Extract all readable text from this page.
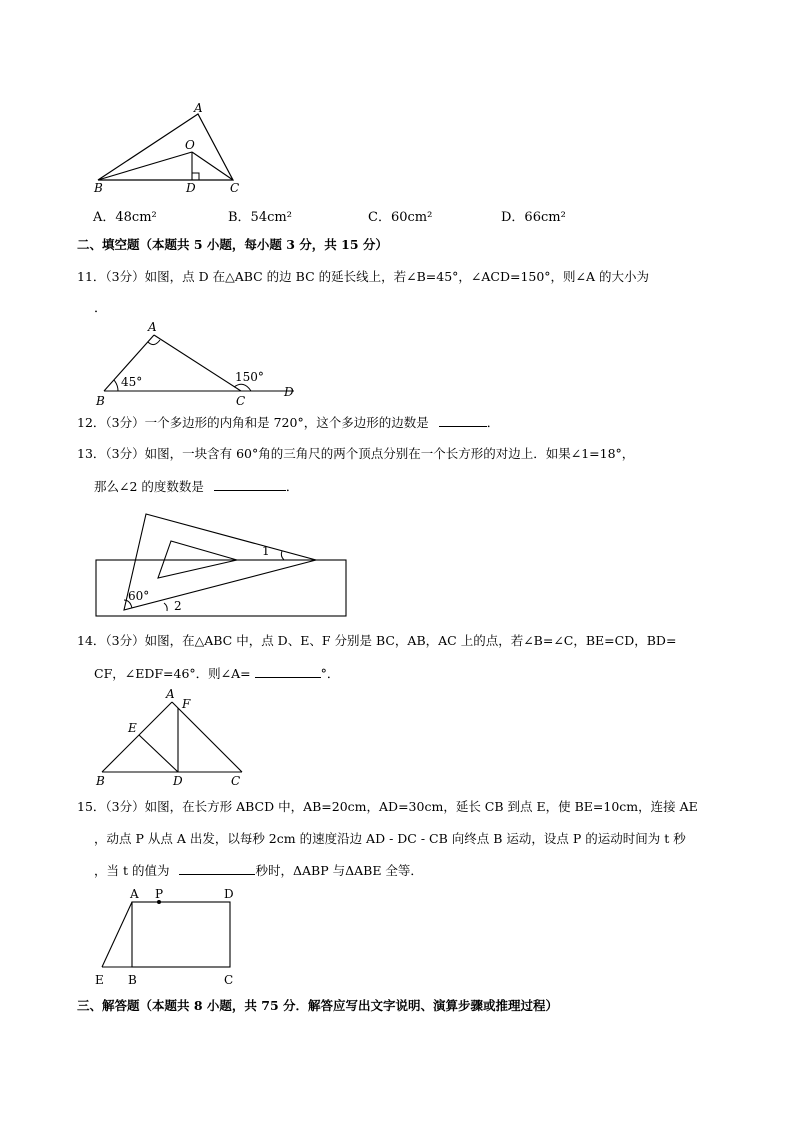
A
O
B	D	C
A．48cm²	B．54cm²	C．60cm²	D．66cm²
二、填空题（本题共 5 小题，每小题 3 分，共 15 分）
11．（3分）如图，点 D 在△ABC 的边 BC 的延长线上，若∠B=45°，∠ACD=150°，则∠A 的大小为
．
A
B	C
D
45°	150°
12．（3分）一个多边形的内角和是 720°，这个多边形的边数是	．
13．（3分）如图，一块含有 60°角的三角尺的两个顶点分别在一个长方形的对边上．如果∠1=18°，
那么∠2 的度数数是	．
1
60°
2
14．（3分）如图，在△ABC 中，点 D、E、F 分别是 BC，AB，AC 上的点，若∠B=∠C，BE=CD，BD=
CF，∠EDF=46°．则∠A=	°．
A
F
E
B	D	C
15．（3分）如图，在长方形 ABCD 中，AB=20cm，AD=30cm，延长 CB 到点 E，使 BE=10cm，连接 AE
，动点 P 从点 A 出发，以每秒 2cm 的速度沿边 AD - DC - CB 向终点 B 运动，设点 P 的运动时间为 t 秒
，当 t 的值为	秒时，ΔABP 与ΔABE 全等．
A P	D
E B	C
三、解答题（本题共 8 小题，共 75 分．解答应写出文字说明、演算步骤或推理过程）
